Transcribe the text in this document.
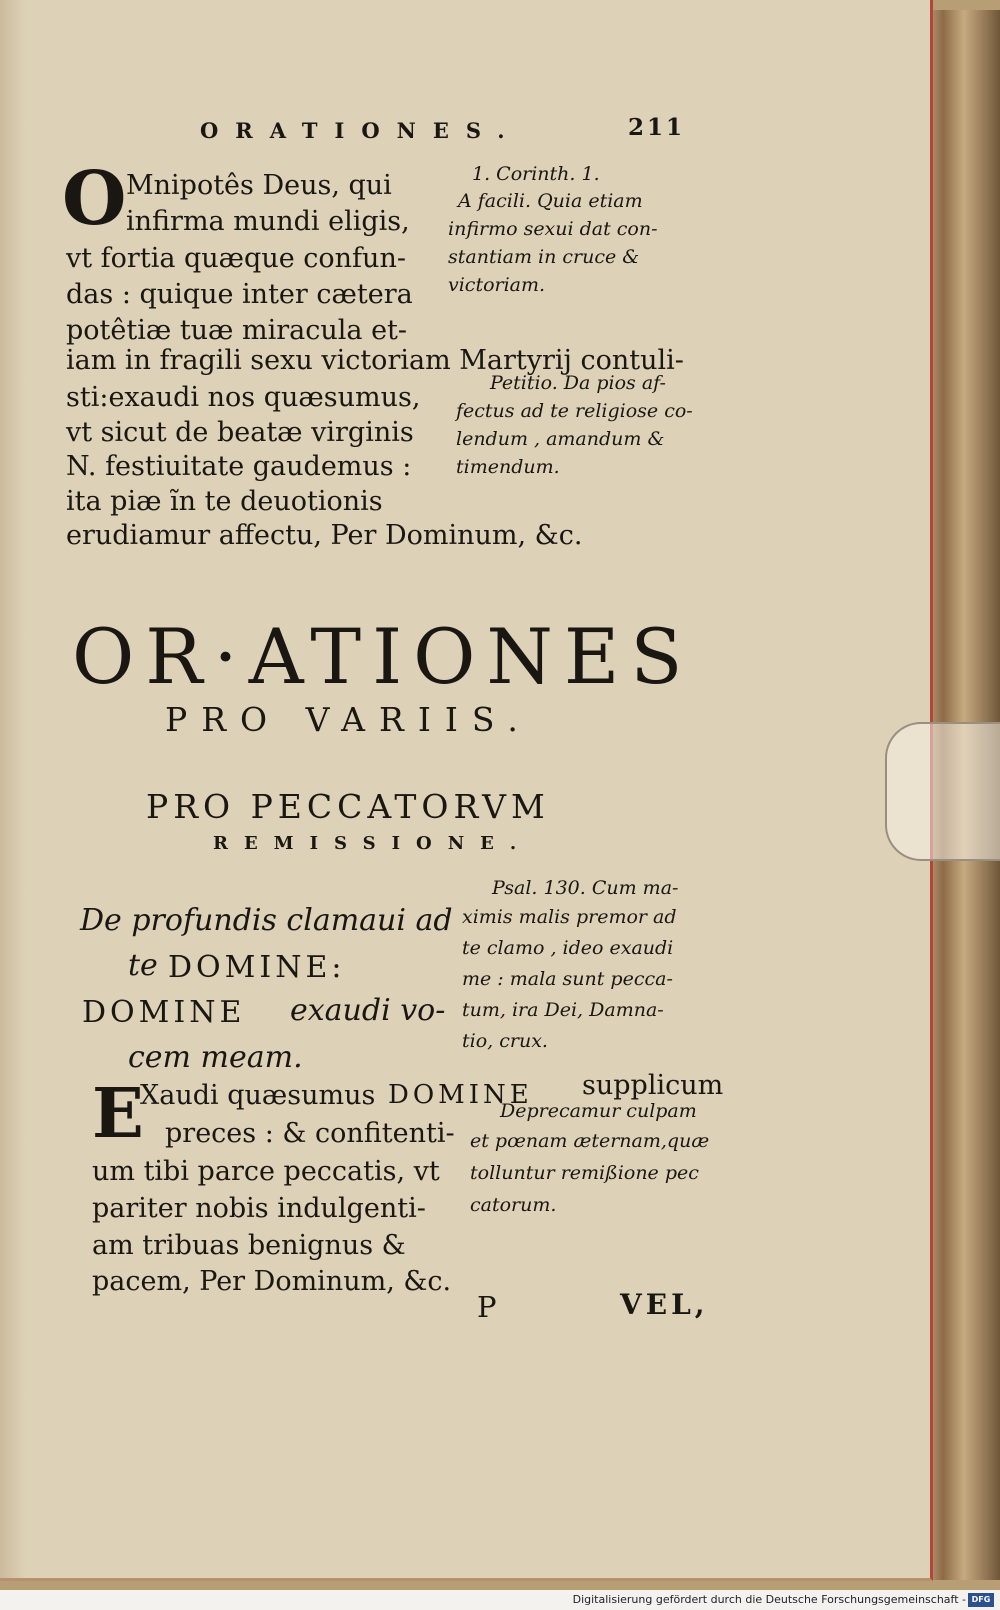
ORATIONES.	211
O Mnipotês Deus, qui
infirma mundi eligis,
vt fortia quæque confun-
das : quique inter cætera
potêtiæ tuæ miracula et-
iam in fragili sexu victoriam Martyrij contuli-
sti:exaudi nos quæsumus,
vt sicut de beatæ virginis
N. festiuitate gaudemus :
ita piæ ĩn te deuotionis
erudiamur affectu, Per Dominum, &c.
1. Corinth. 1.
A facili. Quia etiam
infirmo sexui dat con-
stantiam in cruce &
victoriam.
Petitio. Da pios af-
fectus ad te religiose co-
lendum , amandum &
timendum.
OR·ATIONES
PRO VARIIS.
PRO PECCATORVM
REMISSIONE.
De profundis clamaui ad
te DOMINE:
DOMINE exaudi vo-
cem meam.
Psal. 130. Cum ma-
ximis malis premor ad
te clamo , ideo exaudi
me : mala sunt pecca-
tum, ira Dei, Damna-
tio, crux.
E
Xaudi quæsumus DOMINE supplicum
preces : & confitenti-
um tibi parce peccatis, vt
pariter nobis indulgenti-
am tribuas benignus &
pacem, Per Dominum, &c.
Deprecamur culpam
et pœnam æternam,quæ
tolluntur remißione pec
catorum.
P	VEL,
Digitalisierung gefördert durch die Deutsche Forschungsgemeinschaft - DFG
